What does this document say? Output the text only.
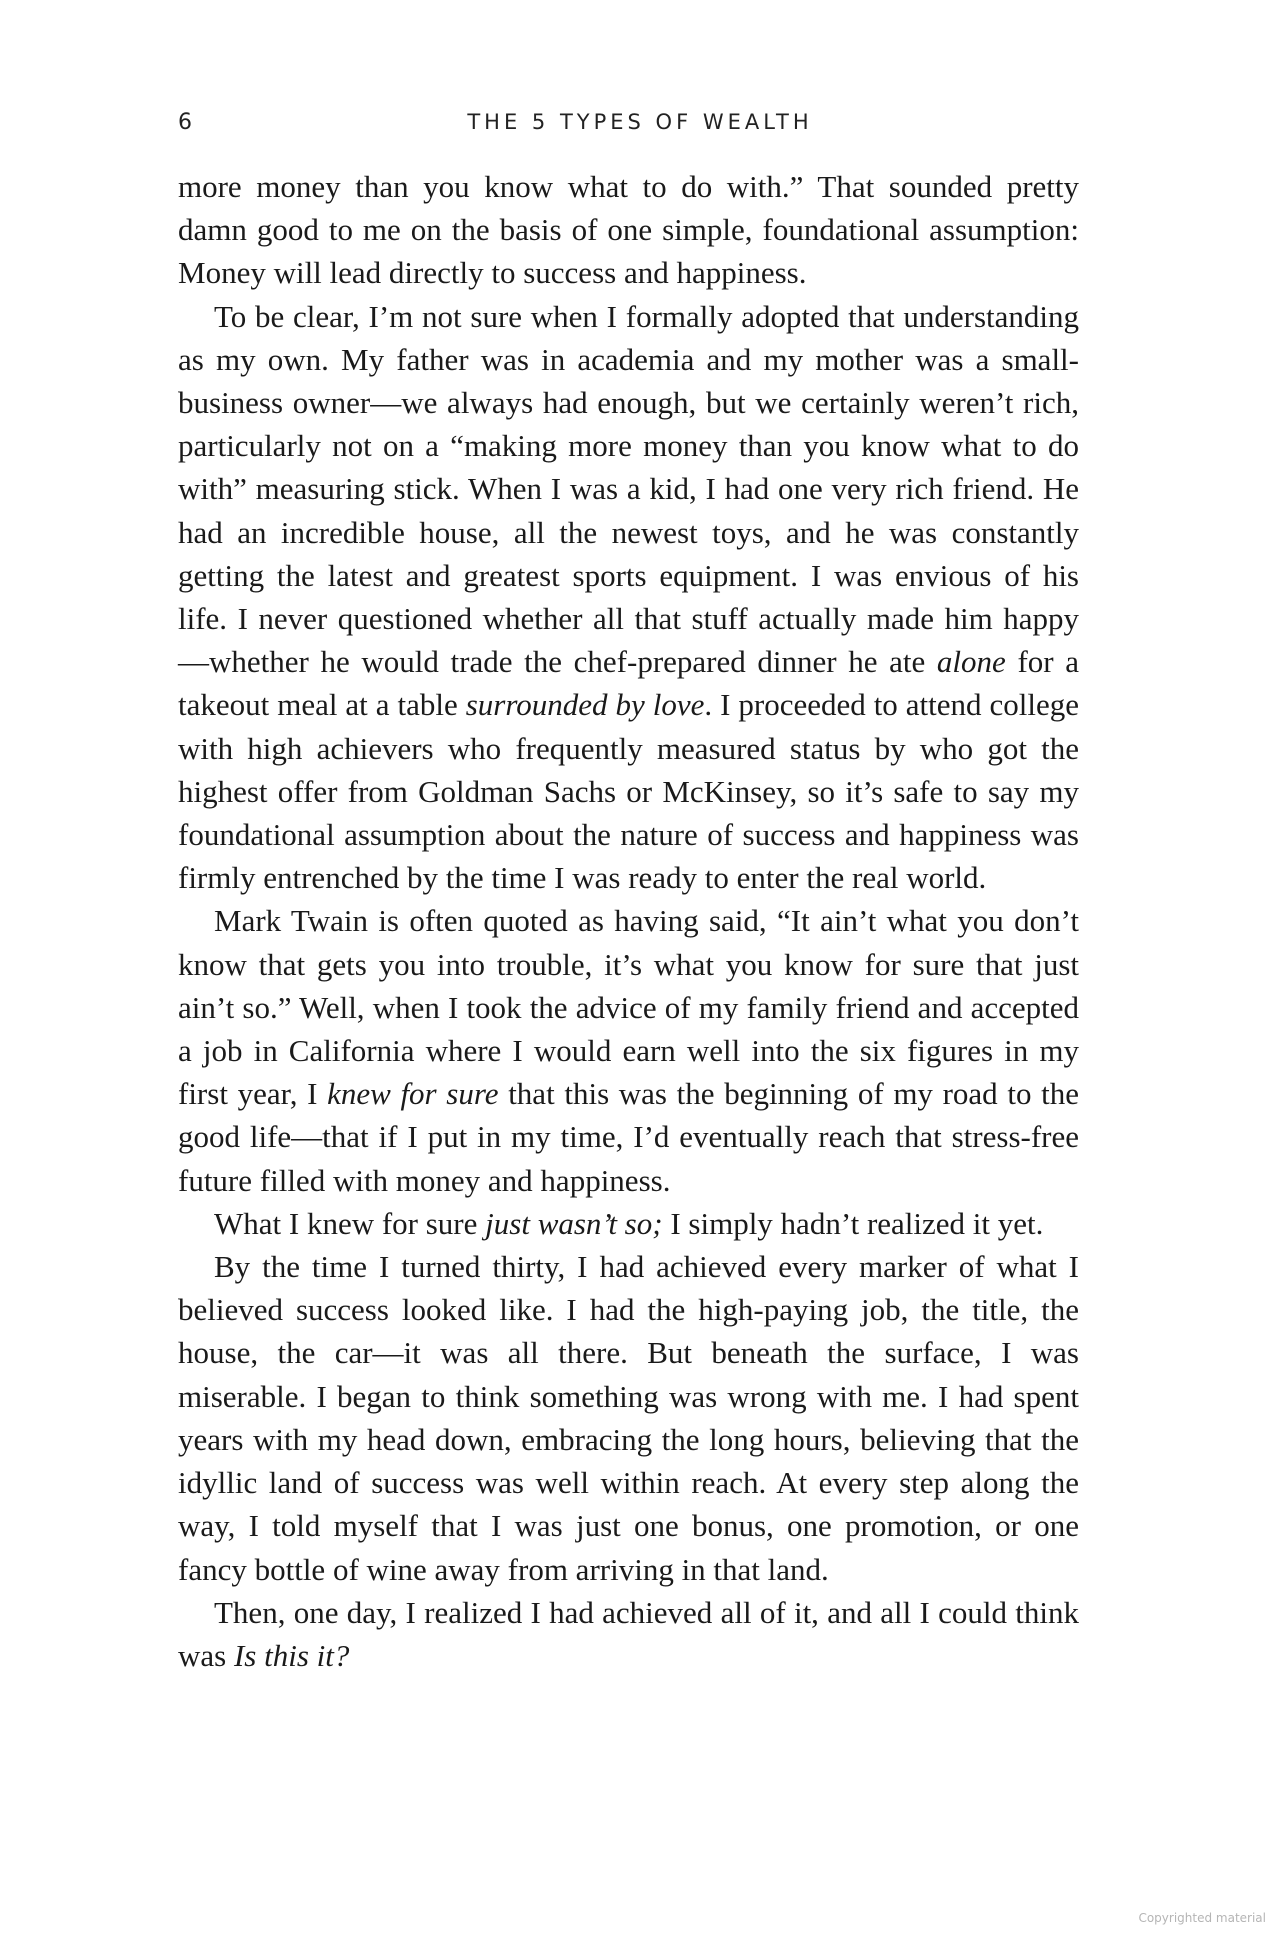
6	THE 5 TYPES OF WEALTH

more money than you know what to do with.” That sounded pretty damn good to me on the basis of one simple, foundational assumption: Money will lead directly to success and happiness.

To be clear, I’m not sure when I formally adopted that understanding as my own. My father was in academia and my mother was a small-business owner—we always had enough, but we certainly weren’t rich, particularly not on a “making more money than you know what to do with” measuring stick. When I was a kid, I had one very rich friend. He had an incredible house, all the newest toys, and he was constantly getting the latest and greatest sports equipment. I was envious of his life. I never questioned whether all that stuff actually made him happy—whether he would trade the chef-prepared dinner he ate alone for a takeout meal at a table surrounded by love. I proceeded to attend college with high achievers who frequently measured status by who got the highest offer from Goldman Sachs or McKinsey, so it’s safe to say my foundational assumption about the nature of success and happiness was firmly entrenched by the time I was ready to enter the real world.

Mark Twain is often quoted as having said, “It ain’t what you don’t know that gets you into trouble, it’s what you know for sure that just ain’t so.” Well, when I took the advice of my family friend and accepted a job in California where I would earn well into the six figures in my first year, I knew for sure that this was the beginning of my road to the good life—that if I put in my time, I’d eventually reach that stress-free future filled with money and happiness.

What I knew for sure just wasn’t so; I simply hadn’t realized it yet.

By the time I turned thirty, I had achieved every marker of what I believed success looked like. I had the high-paying job, the title, the house, the car—it was all there. But beneath the surface, I was miserable. I began to think something was wrong with me. I had spent years with my head down, embracing the long hours, believing that the idyllic land of success was well within reach. At every step along the way, I told myself that I was just one bonus, one promotion, or one fancy bottle of wine away from arriving in that land.

Then, one day, I realized I had achieved all of it, and all I could think was Is this it?

Copyrighted material
